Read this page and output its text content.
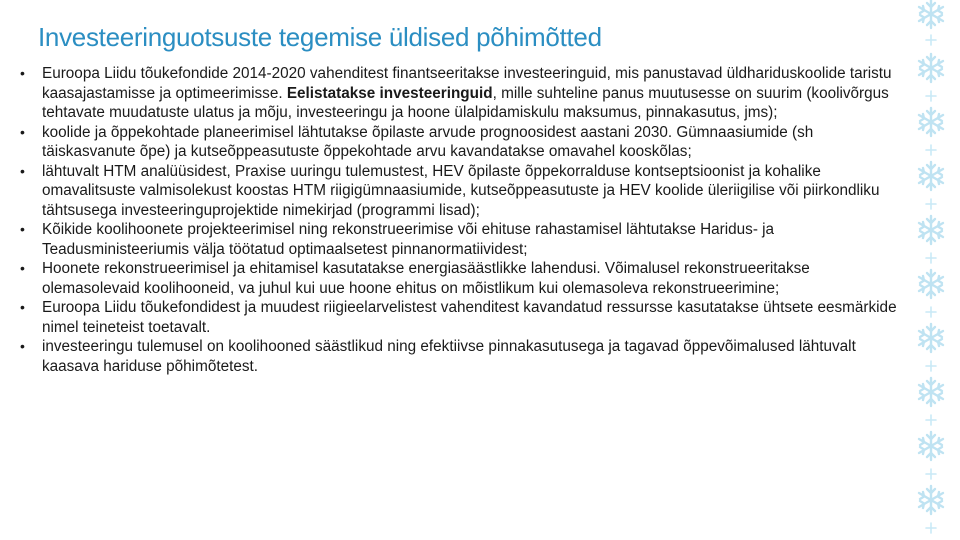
Investeeringuotsuste tegemise üldised põhimõtted
• Euroopa Liidu tõukefondide 2014-2020 vahenditest finantseeritakse investeeringuid, mis panustavad üldhariduskoolide taristu kaasajastamisse ja optimeerimisse. Eelistatakse investeeringuid, mille suhteline panus muutusesse on suurim (koolivõrgus tehtavate muudatuste ulatus ja mõju, investeeringu ja hoone ülalpidamiskulu maksumus, pinnakasutus, jms);
• koolide ja õppekohtade planeerimisel lähtutakse õpilaste arvude prognoosidest aastani 2030. Gümnaasiumide (sh täiskasvanute õpe) ja kutseõppeasutuste õppekohtade arvu kavandatakse omavahel kooskõlas;
• lähtuvalt HTM analüüsidest, Praxise uuringu tulemustest, HEV õpilaste õppekorralduse kontseptsioonist ja kohalike omavalitsuste valmisolekust koostas HTM riigigümnaasiumide, kutseõppeasutuste ja HEV koolide üleriigilise või piirkondliku tähtsusega investeeringuprojektide nimekirjad (programmi lisad);
• Kõikide koolihoonete projekteerimisel ning rekonstrueerimise või ehituse rahastamisel lähtutakse Haridus- ja Teadusministeeriumis välja töötatud optimaalsetest pinnanormatiividest;
• Hoonete rekonstrueerimisel ja ehitamisel kasutatakse energiasäästlikke lahendusi. Võimalusel rekonstrueeritakse olemasolevaid koolihooneid, va juhul kui uue hoone ehitus on mõistlikum kui olemasoleva rekonstrueerimine;
• Euroopa Liidu tõukefondidest ja muudest riigieelarvelistest vahenditest kavandatud ressursse kasutatakse ühtsete eesmärkide nimel teineteist toetavalt.
• investeeringu tulemusel on koolihooned säästlikud ning efektiivse pinnakasutusega ja tagavad õppevõimalused lähtuvalt kaasava hariduse põhimõtetest.
